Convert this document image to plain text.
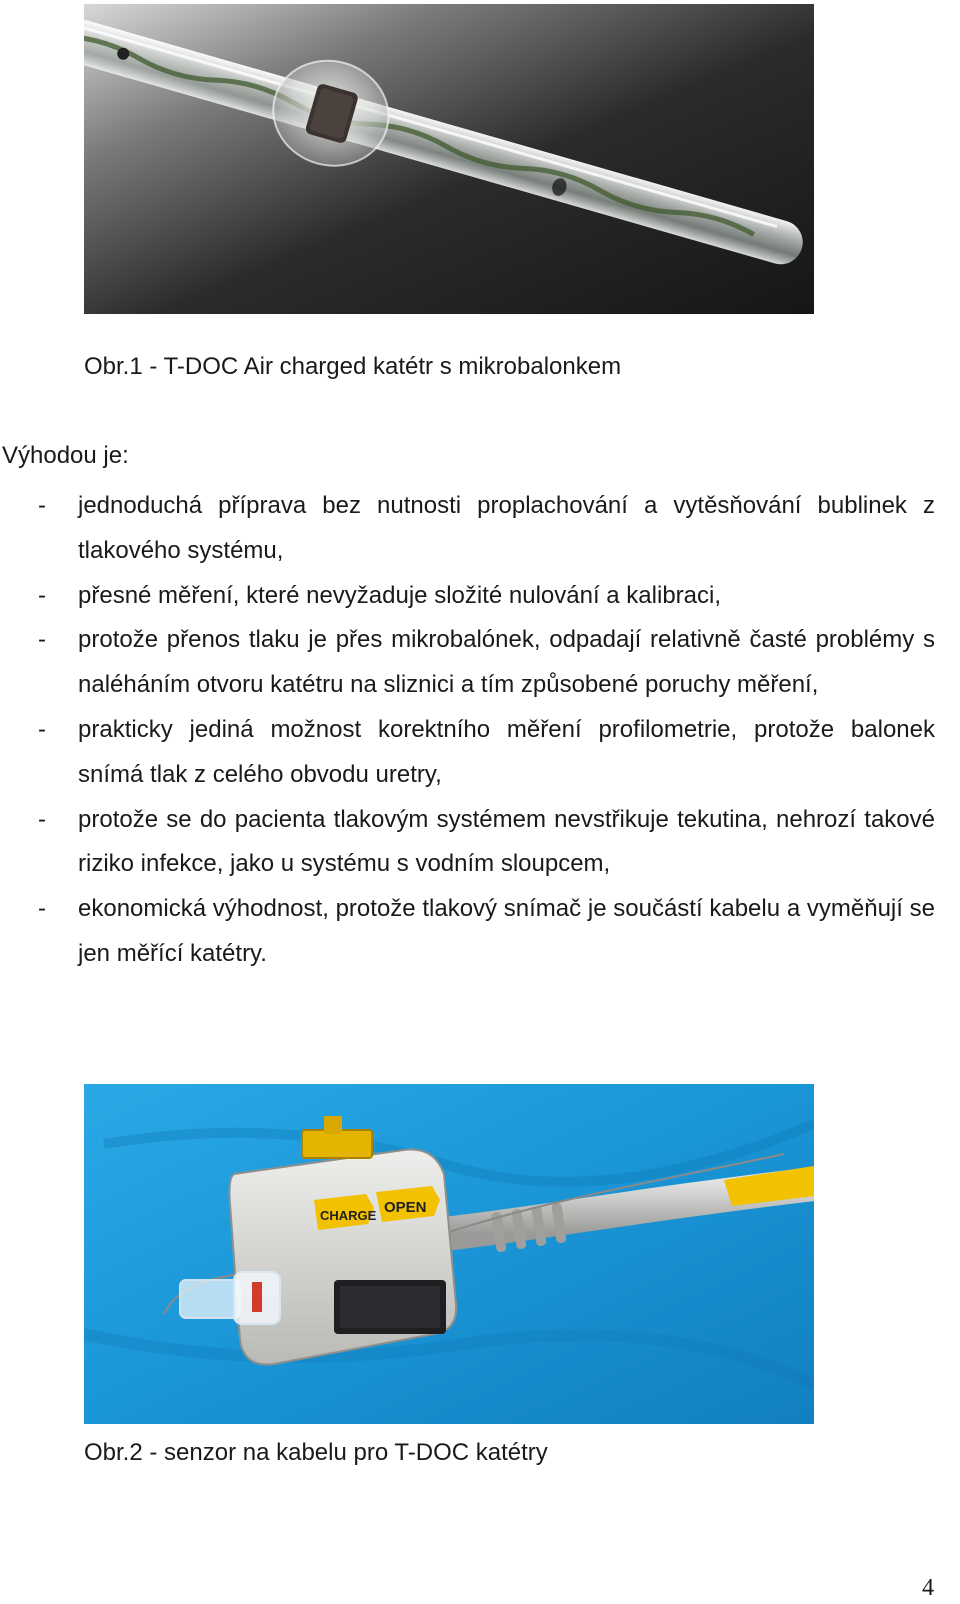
Obr.1 - T-DOC Air charged katétr s mikrobalonkem
Výhodou je:
- jednoduchá příprava bez nutnosti proplachování a vytěsňování bublinek z tlakového systému,
- přesné měření, které nevyžaduje složité nulování a kalibraci,
- protože přenos tlaku je přes mikrobalónek, odpadají relativně časté problémy s naléháním otvoru katétru na sliznici a tím způsobené poruchy měření,
- prakticky jediná možnost korektního měření profilometrie, protože balonek snímá tlak z celého obvodu uretry,
- protože se do pacienta tlakovým systémem nevstřikuje tekutina, nehrozí takové riziko infekce, jako u systému s vodním sloupcem,
- ekonomická výhodnost, protože tlakový snímač je součástí kabelu a vyměňují se jen měřící katétry.
CHARGE OPEN
Obr.2 - senzor na kabelu pro T-DOC katétry
4
